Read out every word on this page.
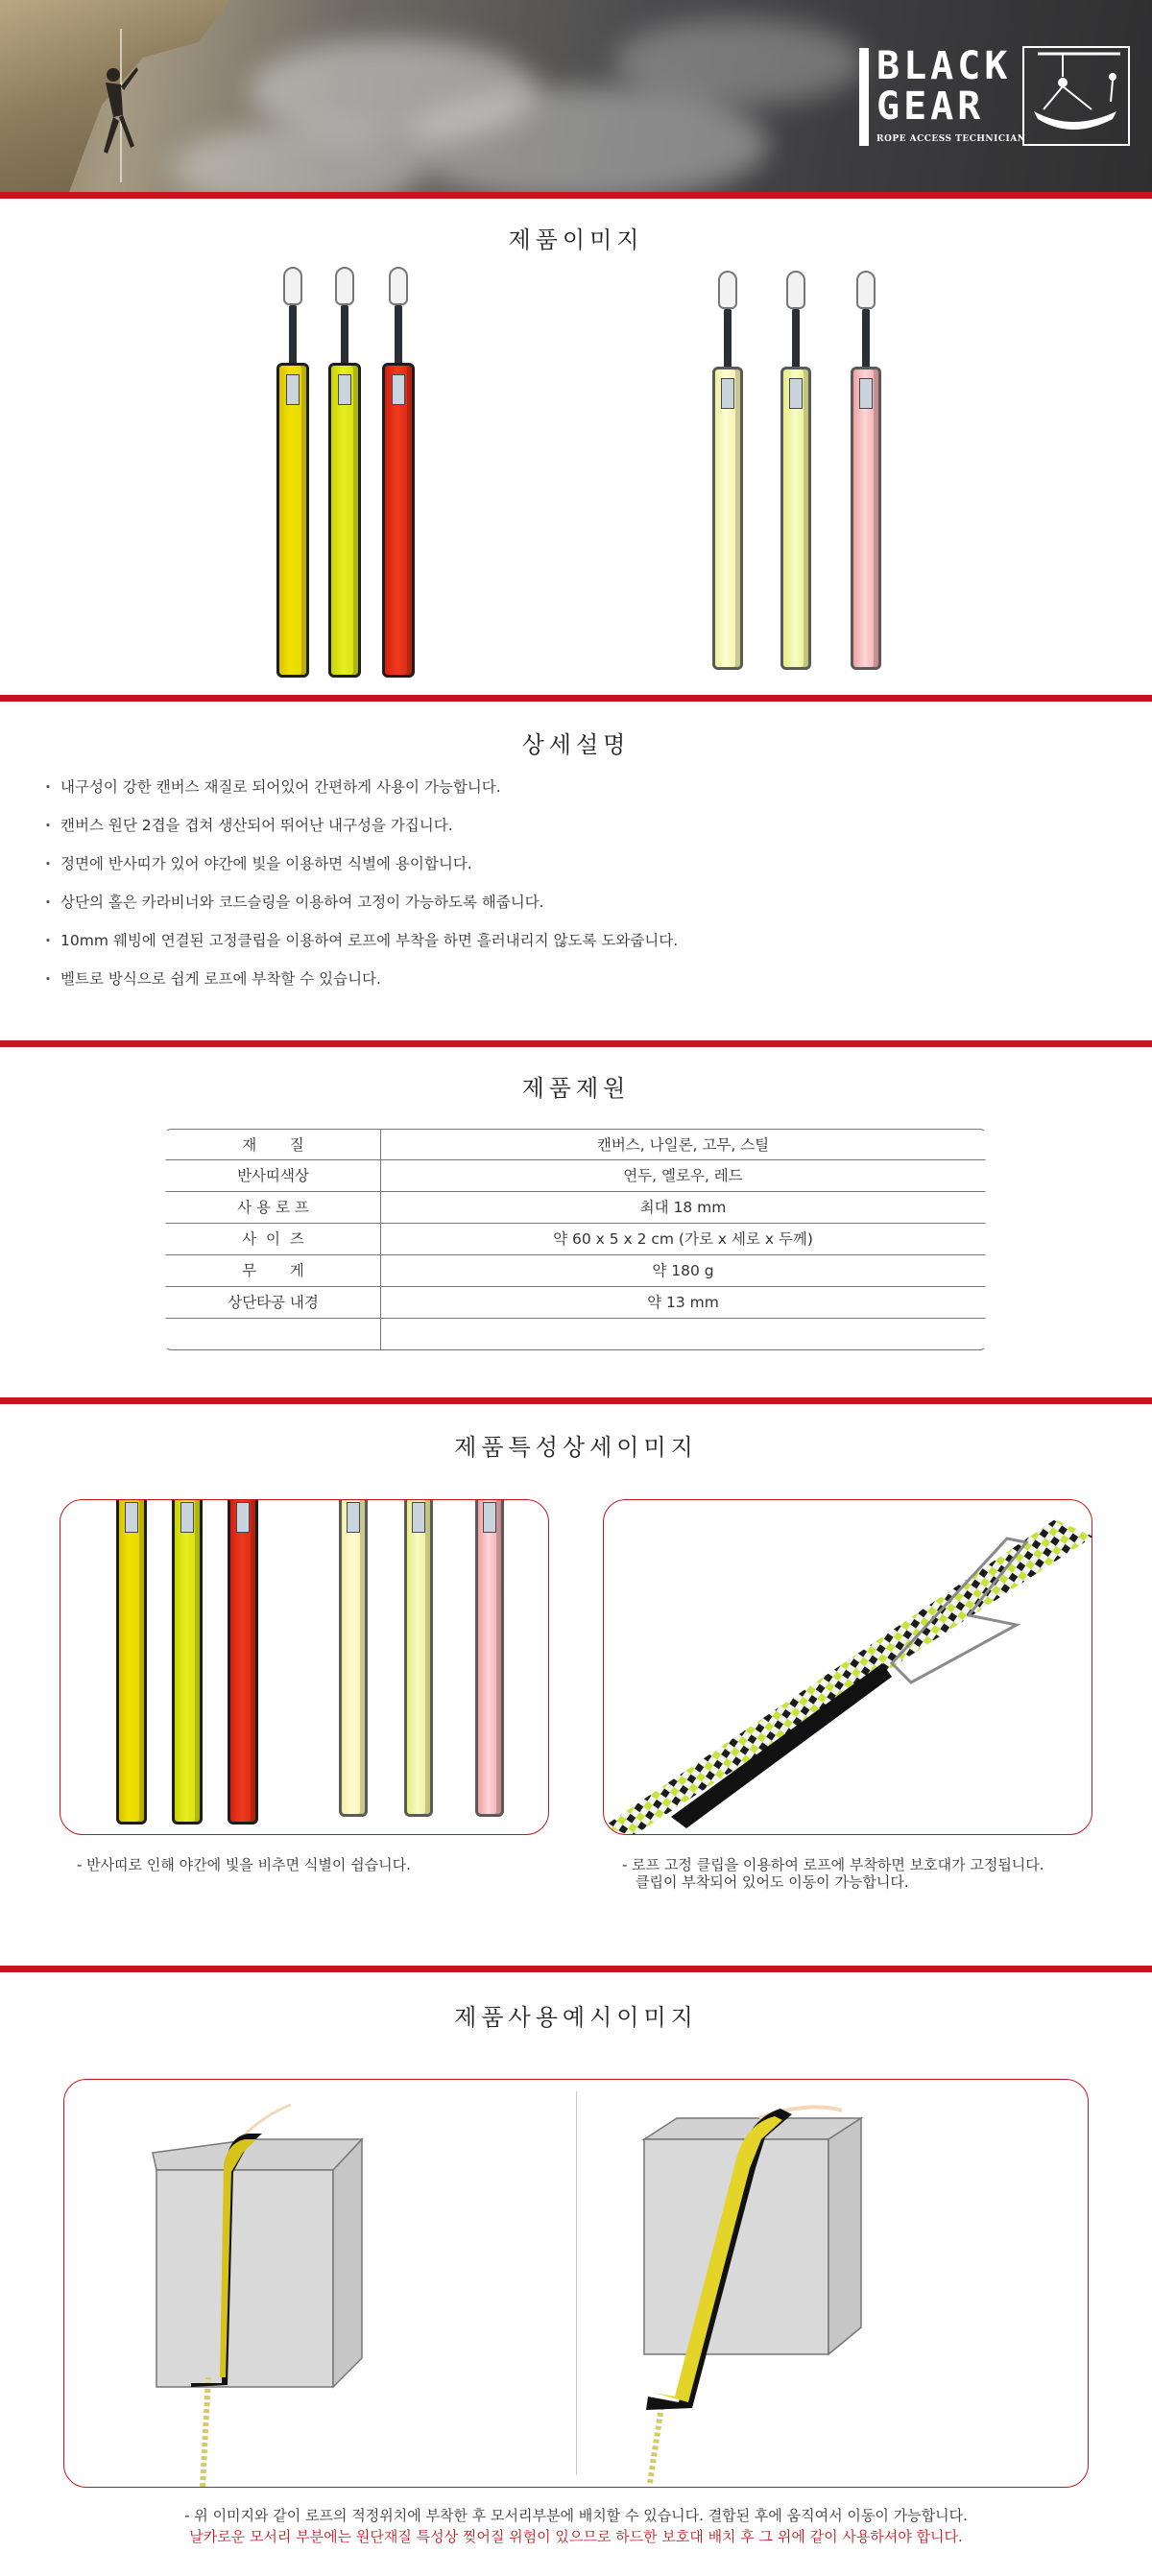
BLACK
GEAR
ROPE ACCESS TECHNICIAN
제품이미지
상세설명
· 내구성이 강한 캔버스 재질로 되어있어 간편하게 사용이 가능합니다.
· 캔버스 원단 2겹을 겹쳐 생산되어 뛰어난 내구성을 가집니다.
· 정면에 반사띠가 있어 야간에 빛을 이용하면 식별에 용이합니다.
· 상단의 홀은 카라비너와 코드슬링을 이용하여 고정이 가능하도록 해줍니다.
· 10mm 웨빙에 연결된 고정클립을 이용하여 로프에 부착을 하면 흘러내리지 않도록 도와줍니다.
· 벨트로 방식으로 쉽게 로프에 부착할 수 있습니다.
제품제원
재       질	캔버스, 나일론, 고무, 스틸
반사띠색상	연두, 옐로우, 레드
사 용 로 프	최대 18 mm
사  이  즈	약 60 x 5 x 2 cm (가로 x 세로 x 두께)
무       게	약 180 g
상단타공 내경	약 13 mm
제품특성상세이미지
- 반사띠로 인해 야간에 빛을 비추면 식별이 쉽습니다.	- 로프 고정 클립을 이용하여 로프에 부착하면 보호대가 고정됩니다.
클립이 부착되어 있어도 이동이 가능합니다.
제품사용예시이미지
- 위 이미지와 같이 로프의 적정위치에 부착한 후 모서리부분에 배치할 수 있습니다. 결합된 후에 움직여서 이동이 가능합니다.
날카로운 모서리 부분에는 원단재질 특성상 찢어질 위험이 있으므로 하드한 보호대 배치 후 그 위에 같이 사용하셔야 합니다.
